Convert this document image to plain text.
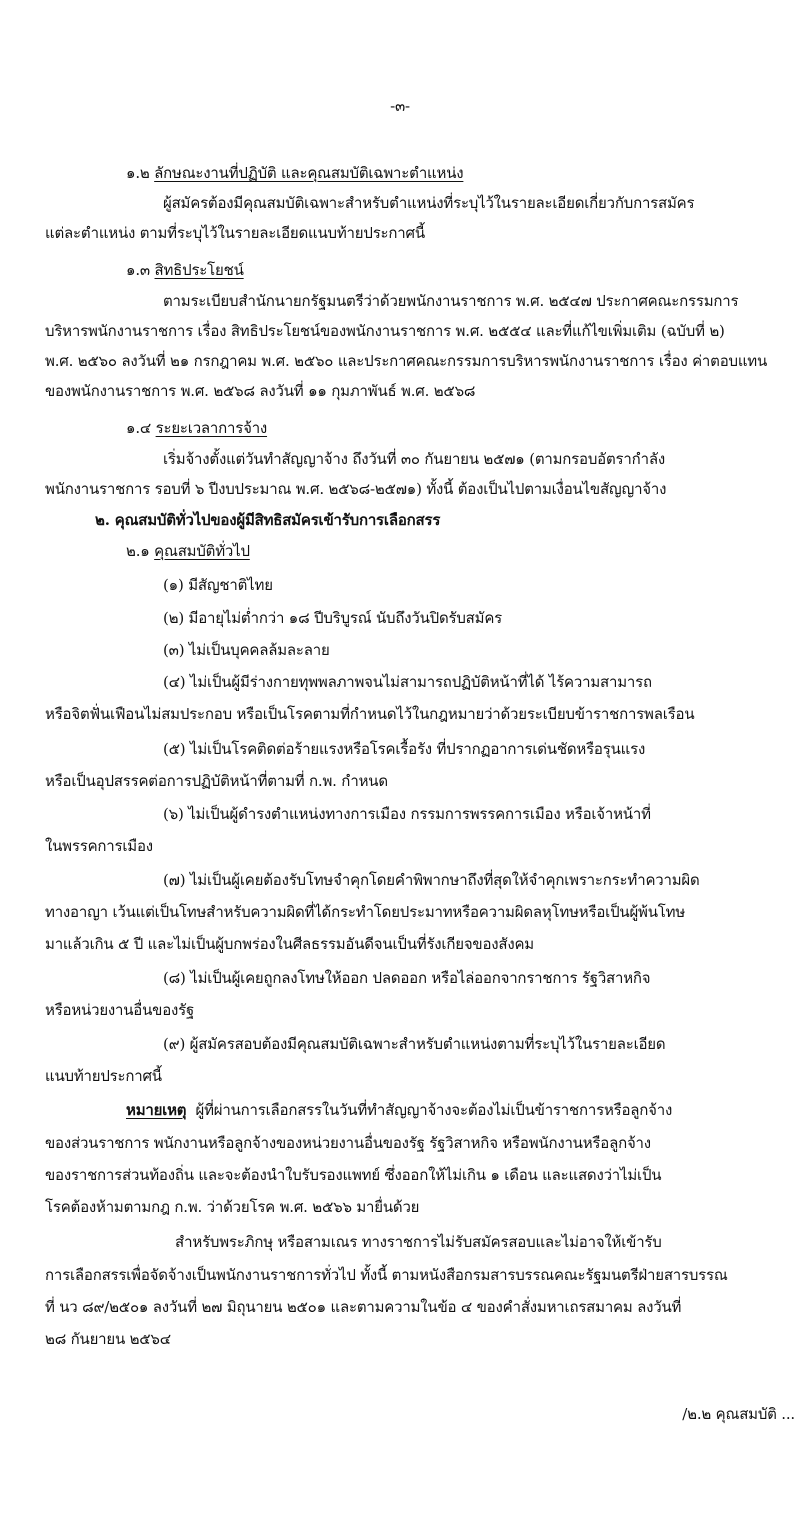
-๓-

๑.๒ ลักษณะงานที่ปฏิบัติ และคุณสมบัติเฉพาะตำแหน่ง

ผู้สมัครต้องมีคุณสมบัติเฉพาะสำหรับตำแหน่งที่ระบุไว้ในรายละเอียดเกี่ยวกับการสมัคร

แต่ละตำแหน่ง ตามที่ระบุไว้ในรายละเอียดแนบท้ายประกาศนี้

๑.๓ สิทธิประโยชน์

ตามระเบียบสำนักนายกรัฐมนตรีว่าด้วยพนักงานราชการ พ.ศ. ๒๕๔๗ ประกาศคณะกรรมการ

บริหารพนักงานราชการ เรื่อง สิทธิประโยชน์ของพนักงานราชการ พ.ศ. ๒๕๕๔ และที่แก้ไขเพิ่มเติม (ฉบับที่ ๒)

พ.ศ. ๒๕๖๐ ลงวันที่ ๒๑ กรกฎาคม พ.ศ. ๒๕๖๐ และประกาศคณะกรรมการบริหารพนักงานราชการ เรื่อง ค่าตอบแทน

ของพนักงานราชการ พ.ศ. ๒๕๖๘ ลงวันที่ ๑๑ กุมภาพันธ์ พ.ศ. ๒๕๖๘

๑.๔ ระยะเวลาการจ้าง

เริ่มจ้างตั้งแต่วันทำสัญญาจ้าง ถึงวันที่ ๓๐ กันยายน ๒๕๗๑ (ตามกรอบอัตรากำลัง

พนักงานราชการ รอบที่ ๖ ปีงบประมาณ พ.ศ. ๒๕๖๘-๒๕๗๑) ทั้งนี้ ต้องเป็นไปตามเงื่อนไขสัญญาจ้าง

๒. คุณสมบัติทั่วไปของผู้มีสิทธิสมัครเข้ารับการเลือกสรร

๒.๑ คุณสมบัติทั่วไป

(๑) มีสัญชาติไทย

(๒) มีอายุไม่ต่ำกว่า ๑๘ ปีบริบูรณ์ นับถึงวันปิดรับสมัคร

(๓) ไม่เป็นบุคคลล้มละลาย

(๔) ไม่เป็นผู้มีร่างกายทุพพลภาพจนไม่สามารถปฏิบัติหน้าที่ได้ ไร้ความสามารถ

หรือจิตฟั่นเฟือนไม่สมประกอบ หรือเป็นโรคตามที่กำหนดไว้ในกฎหมายว่าด้วยระเบียบข้าราชการพลเรือน

(๕) ไม่เป็นโรคติดต่อร้ายแรงหรือโรคเรื้อรัง ที่ปรากฏอาการเด่นชัดหรือรุนแรง

หรือเป็นอุปสรรคต่อการปฏิบัติหน้าที่ตามที่ ก.พ. กำหนด

(๖) ไม่เป็นผู้ดำรงตำแหน่งทางการเมือง กรรมการพรรคการเมือง หรือเจ้าหน้าที่

ในพรรคการเมือง

(๗) ไม่เป็นผู้เคยต้องรับโทษจำคุกโดยคำพิพากษาถึงที่สุดให้จำคุกเพราะกระทำความผิด

ทางอาญา เว้นแต่เป็นโทษสำหรับความผิดที่ได้กระทำโดยประมาทหรือความผิดลหุโทษหรือเป็นผู้พ้นโทษ

มาแล้วเกิน ๕ ปี และไม่เป็นผู้บกพร่องในศีลธรรมอันดีจนเป็นที่รังเกียจของสังคม

(๘) ไม่เป็นผู้เคยถูกลงโทษให้ออก ปลดออก หรือไล่ออกจากราชการ รัฐวิสาหกิจ

หรือหน่วยงานอื่นของรัฐ

(๙) ผู้สมัครสอบต้องมีคุณสมบัติเฉพาะสำหรับตำแหน่งตามที่ระบุไว้ในรายละเอียด

แนบท้ายประกาศนี้

หมายเหตุ ผู้ที่ผ่านการเลือกสรรในวันที่ทำสัญญาจ้างจะต้องไม่เป็นข้าราชการหรือลูกจ้าง

ของส่วนราชการ พนักงานหรือลูกจ้างของหน่วยงานอื่นของรัฐ รัฐวิสาหกิจ หรือพนักงานหรือลูกจ้าง

ของราชการส่วนท้องถิ่น และจะต้องนำใบรับรองแพทย์ ซึ่งออกให้ไม่เกิน ๑ เดือน และแสดงว่าไม่เป็น

โรคต้องห้ามตามกฎ ก.พ. ว่าด้วยโรค พ.ศ. ๒๕๖๖ มายื่นด้วย

สำหรับพระภิกษุ หรือสามเณร ทางราชการไม่รับสมัครสอบและไม่อาจให้เข้ารับ

การเลือกสรรเพื่อจัดจ้างเป็นพนักงานราชการทั่วไป ทั้งนี้ ตามหนังสือกรมสารบรรณคณะรัฐมนตรีฝ่ายสารบรรณ

ที่ นว ๘๙/๒๕๐๑ ลงวันที่ ๒๗ มิถุนายน ๒๕๐๑ และตามความในข้อ ๔ ของคำสั่งมหาเถรสมาคม ลงวันที่

๒๘ กันยายน ๒๕๖๔

/๒.๒ คุณสมบัติ ...
